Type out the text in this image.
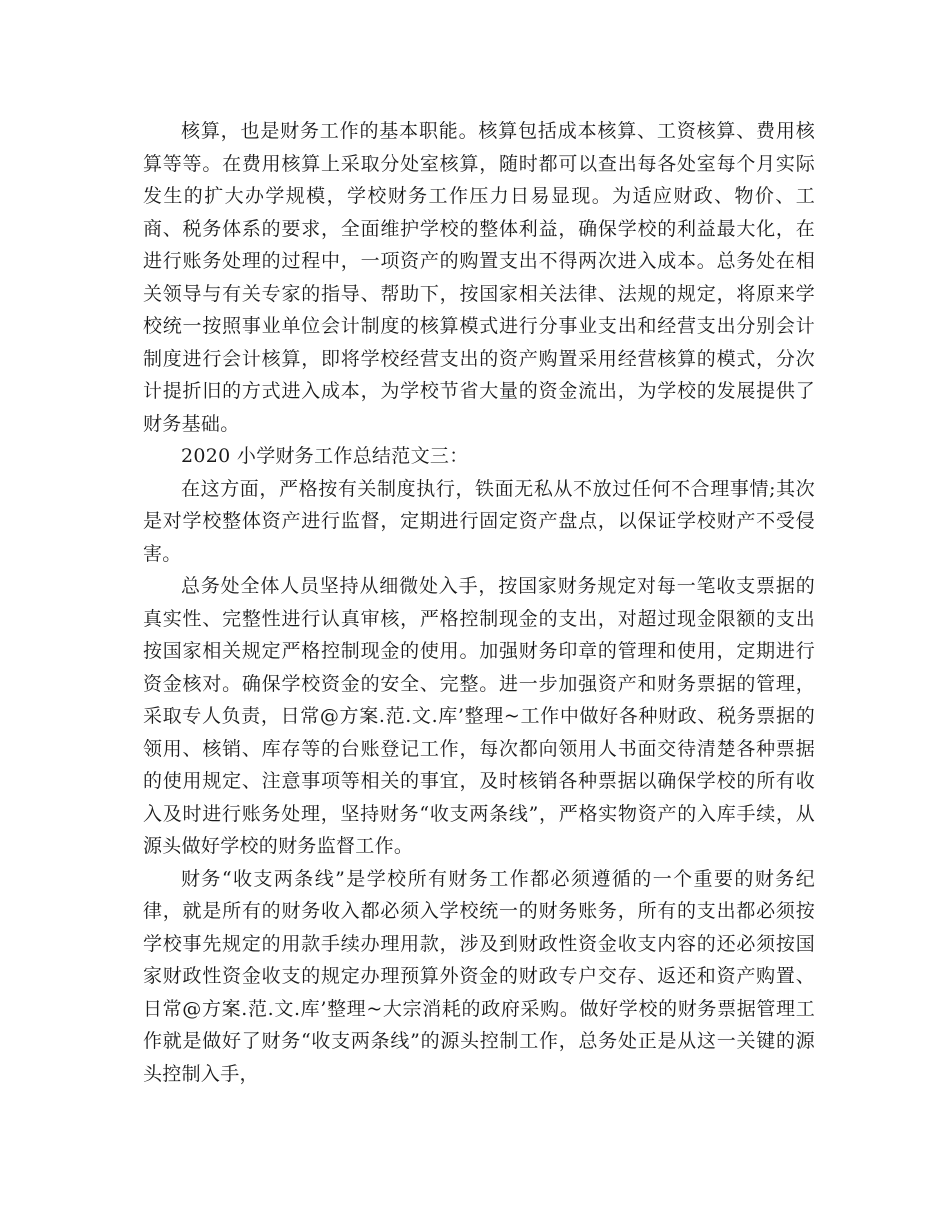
核算，也是财务工作的基本职能。核算包括成本核算、工资核算、费用核算等等。在费用核算上采取分处室核算，随时都可以查出每各处室每个月实际发生的扩大办学规模，学校财务工作压力日易显现。为适应财政、物价、工商、税务体系的要求，全面维护学校的整体利益，确保学校的利益最大化，在进行账务处理的过程中，一项资产的购置支出不得两次进入成本。总务处在相关领导与有关专家的指导、帮助下，按国家相关法律、法规的规定，将原来学校统一按照事业单位会计制度的核算模式进行分事业支出和经营支出分别会计制度进行会计核算，即将学校经营支出的资产购置采用经营核算的模式，分次计提折旧的方式进入成本，为学校节省大量的资金流出，为学校的发展提供了财务基础。

2020 小学财务工作总结范文三：

在这方面，严格按有关制度执行，铁面无私从不放过任何不合理事情;其次是对学校整体资产进行监督，定期进行固定资产盘点，以保证学校财产不受侵害。

总务处全体人员坚持从细微处入手，按国家财务规定对每一笔收支票据的真实性、完整性进行认真审核，严格控制现金的支出，对超过现金限额的支出按国家相关规定严格控制现金的使用。加强财务印章的管理和使用，定期进行资金核对。确保学校资金的安全、完整。进一步加强资产和财务票据的管理，采取专人负责，日常@方案.范.文.库’整理~工作中做好各种财政、税务票据的领用、核销、库存等的台账登记工作，每次都向领用人书面交待清楚各种票据的使用规定、注意事项等相关的事宜，及时核销各种票据以确保学校的所有收入及时进行账务处理，坚持财务“收支两条线”，严格实物资产的入库手续，从源头做好学校的财务监督工作。

财务“收支两条线”是学校所有财务工作都必须遵循的一个重要的财务纪律，就是所有的财务收入都必须入学校统一的财务账务，所有的支出都必须按学校事先规定的用款手续办理用款，涉及到财政性资金收支内容的还必须按国家财政性资金收支的规定办理预算外资金的财政专户交存、返还和资产购置、日常@方案.范.文.库’整理~大宗消耗的政府采购。做好学校的财务票据管理工作就是做好了财务“收支两条线”的源头控制工作，总务处正是从这一关键的源头控制入手，
